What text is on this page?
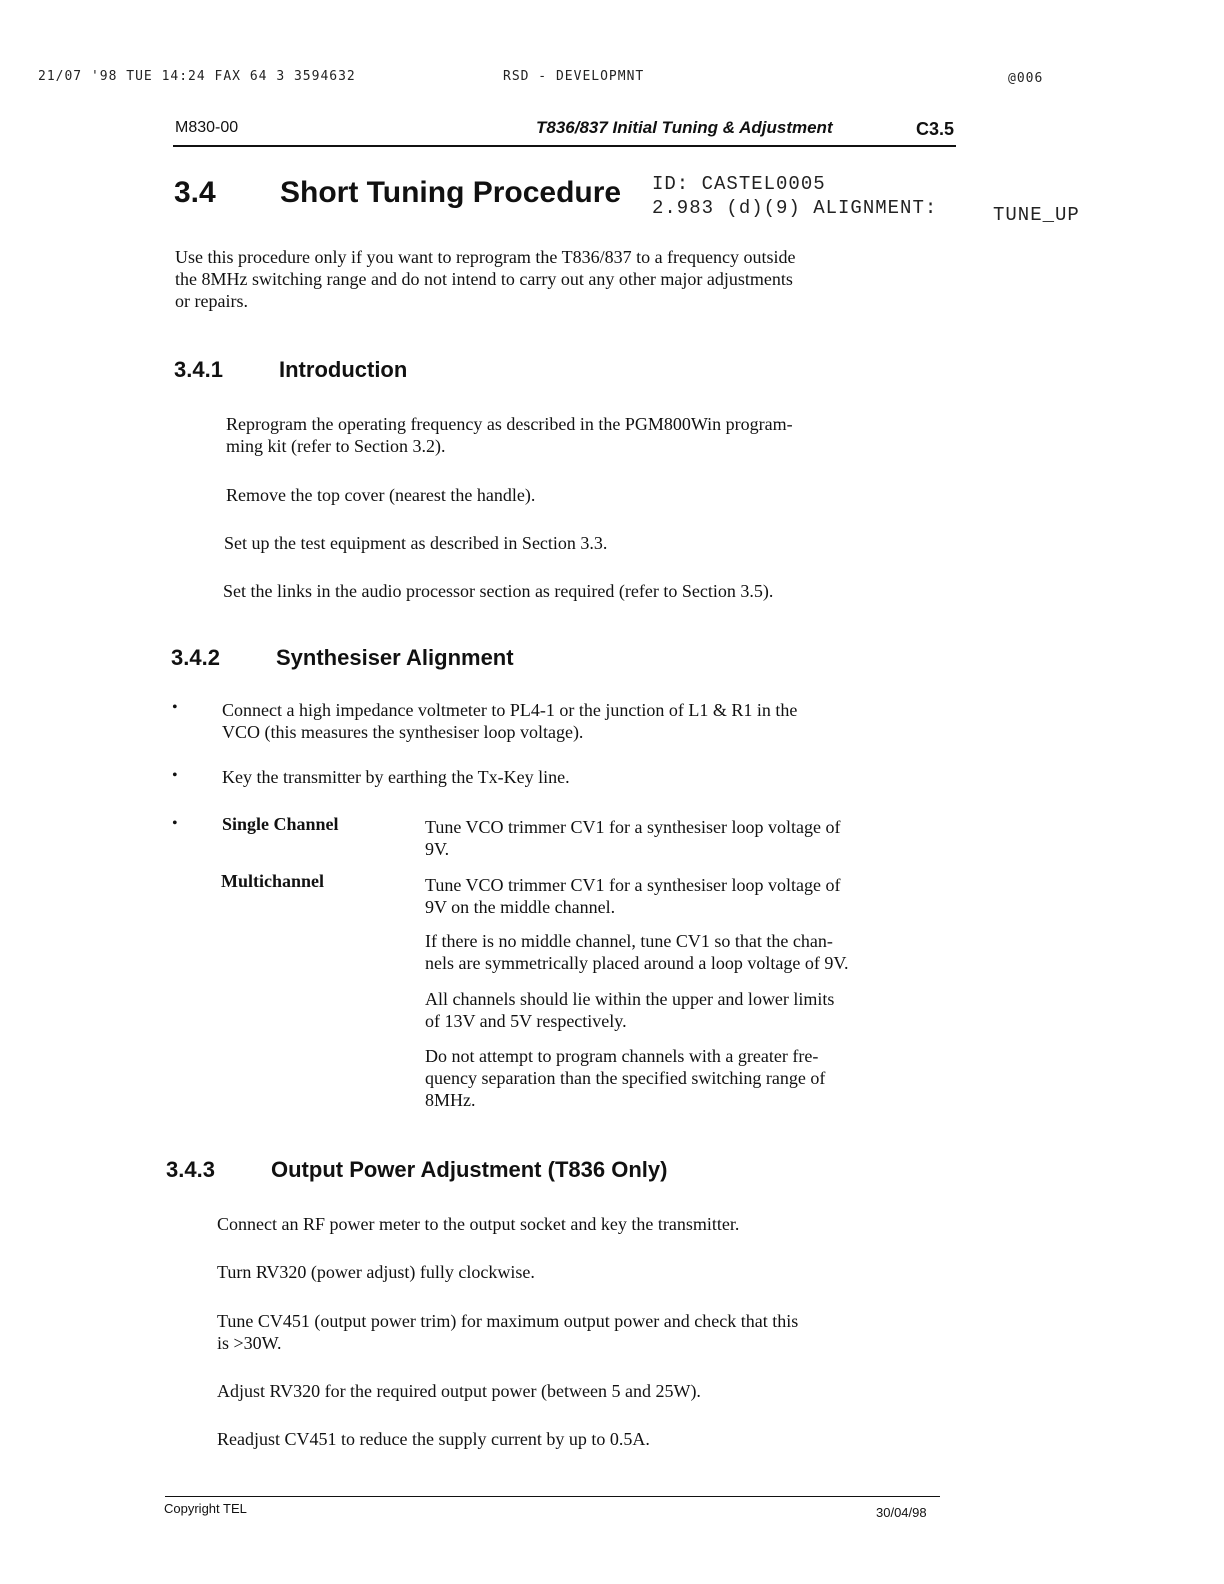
21/07 '98 TUE 14:24 FAX 64 3 3594632	RSD - DEVELOPMNT	@006
M830-00	T836/837 Initial Tuning & Adjustment	C3.5
3.4 Short Tuning Procedure ID: CASTEL0005
2.983 (d)(9) ALIGNMENT:	TUNE_UP
Use this procedure only if you want to reprogram the T836/837 to a frequency outside
the 8MHz switching range and do not intend to carry out any other major adjustments
or repairs.
3.4.1	Introduction
Reprogram the operating frequency as described in the PGM800Win program-
ming kit (refer to Section 3.2).
Remove the top cover (nearest the handle).
Set up the test equipment as described in Section 3.3.
Set the links in the audio processor section as required (refer to Section 3.5).
3.4.2	Synthesiser Alignment
• Connect a high impedance voltmeter to PL4-1 or the junction of L1 & R1 in the
VCO (this measures the synthesiser loop voltage).
• Key the transmitter by earthing the Tx-Key line.
• Single Channel	Tune VCO trimmer CV1 for a synthesiser loop voltage of
9V.
Multichannel	Tune VCO trimmer CV1 for a synthesiser loop voltage of
9V on the middle channel.
If there is no middle channel, tune CV1 so that the chan-
nels are symmetrically placed around a loop voltage of 9V.
All channels should lie within the upper and lower limits
of 13V and 5V respectively.
Do not attempt to program channels with a greater fre-
quency separation than the specified switching range of
8MHz.
3.4.3	Output Power Adjustment (T836 Only)
Connect an RF power meter to the output socket and key the transmitter.
Turn RV320 (power adjust) fully clockwise.
Tune CV451 (output power trim) for maximum output power and check that this
is >30W.
Adjust RV320 for the required output power (between 5 and 25W).
Readjust CV451 to reduce the supply current by up to 0.5A.
Copyright TEL	30/04/98
